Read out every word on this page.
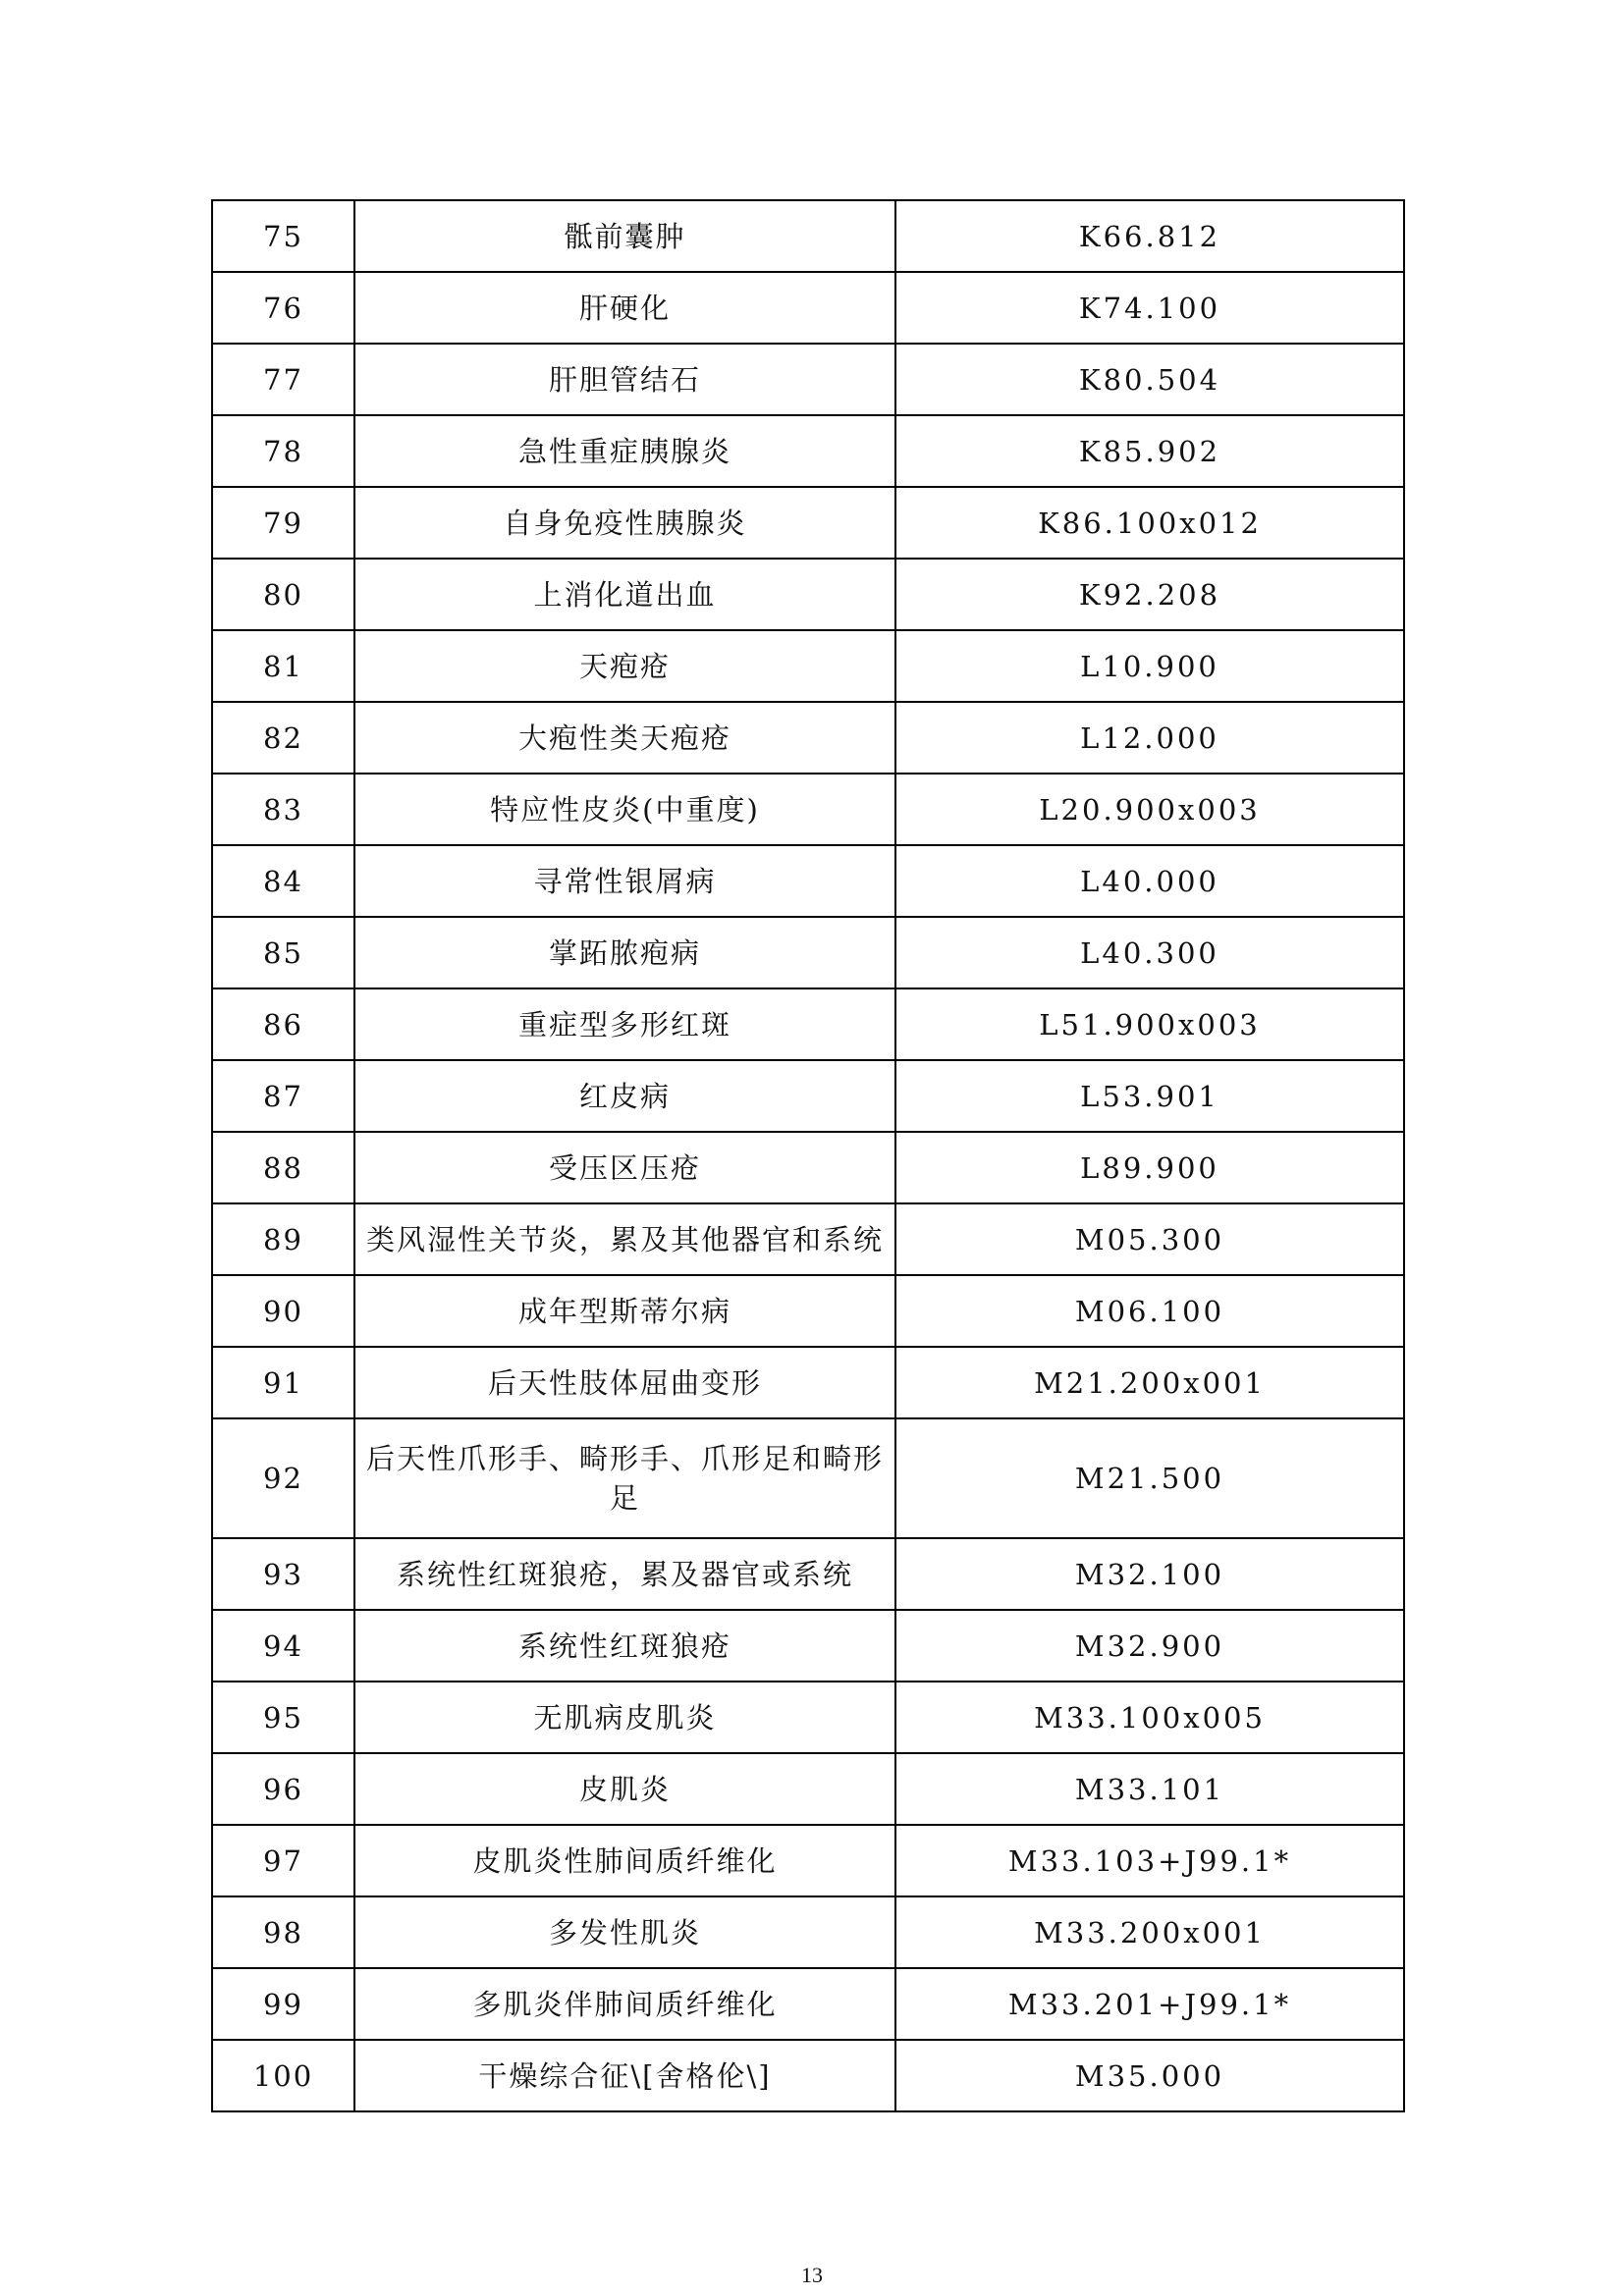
75	骶前囊肿	K66.812
76	肝硬化	K74.100
77	肝胆管结石	K80.504
78	急性重症胰腺炎	K85.902
79	自身免疫性胰腺炎	K86.100x012
80	上消化道出血	K92.208
81	天疱疮	L10.900
82	大疱性类天疱疮	L12.000
83	特应性皮炎(中重度)	L20.900x003
84	寻常性银屑病	L40.000
85	掌跖脓疱病	L40.300
86	重症型多形红斑	L51.900x003
87	红皮病	L53.901
88	受压区压疮	L89.900
89	类风湿性关节炎，累及其他器官和系统	M05.300
90	成年型斯蒂尔病	M06.100
91	后天性肢体屈曲变形	M21.200x001
92	后天性爪形手、畸形手、爪形足和畸形足	M21.500
93	系统性红斑狼疮，累及器官或系统	M32.100
94	系统性红斑狼疮	M32.900
95	无肌病皮肌炎	M33.100x005
96	皮肌炎	M33.101
97	皮肌炎性肺间质纤维化	M33.103+J99.1*
98	多发性肌炎	M33.200x001
99	多肌炎伴肺间质纤维化	M33.201+J99.1*
100	干燥综合征\[舍格伦\]	M35.000
13
